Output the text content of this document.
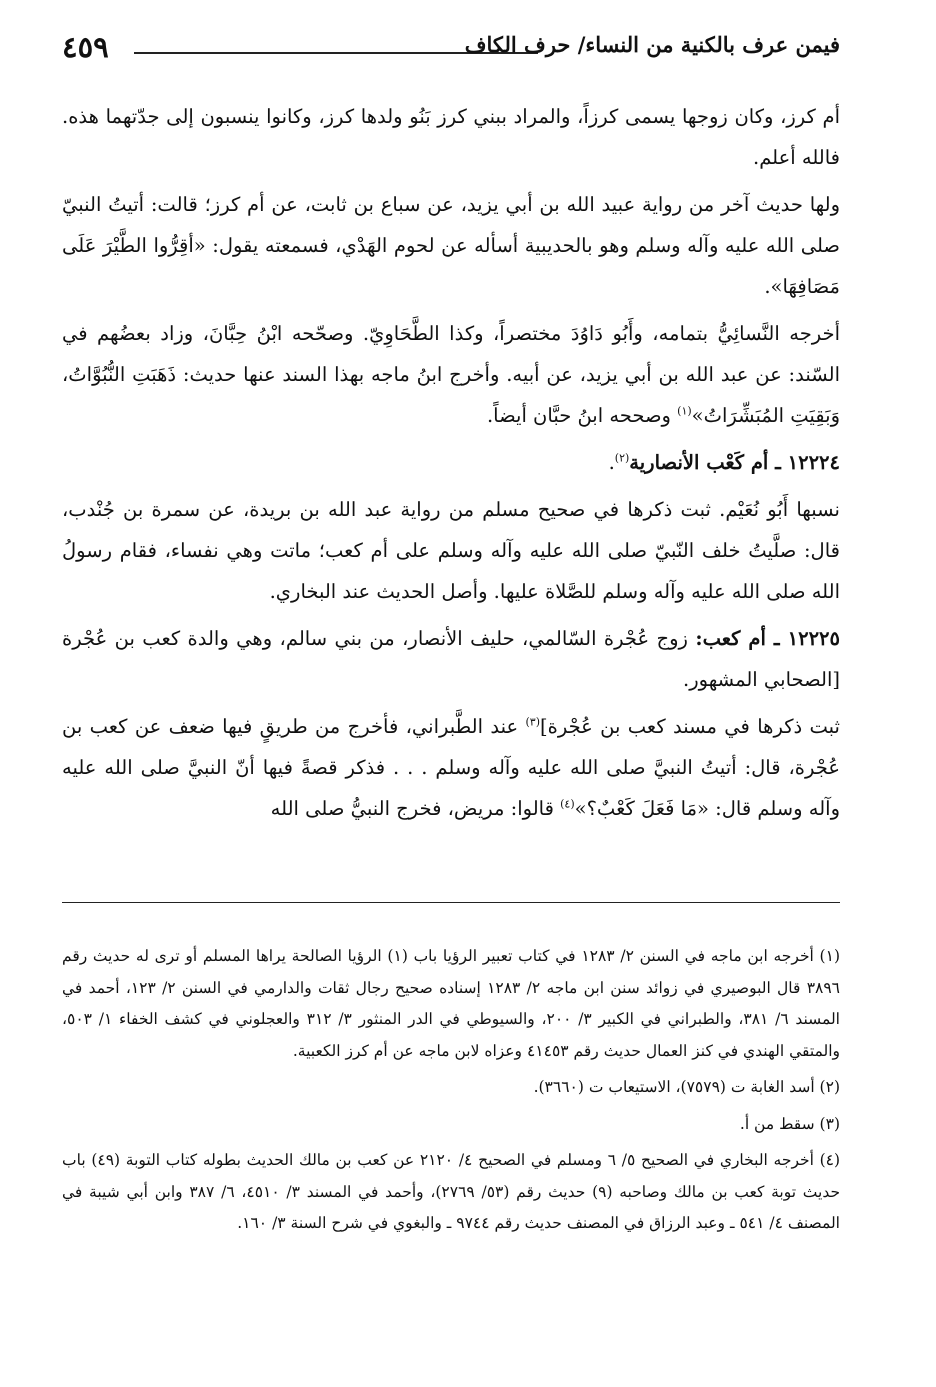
٤٥٩	فيمن عرف بالكنية من النساء/ حرف الكاف

أم كرز، وكان زوجها يسمى كرزاً، والمراد ببني كرز بَنُو ولدها كرز، وكانوا ينسبون إلى جدّتهما هذه. فالله أعلم.

ولها حديث آخر من رواية عبيد الله بن أبي يزيد، عن سباع بن ثابت، عن أم كرز؛ قالت: أتيتُ النبيّ صلى الله عليه وآله وسلم وهو بالحديبية أسأله عن لحوم الهَدْي، فسمعته يقول: «أقِرُّوا الطَّيْرَ عَلَى مَصَافِهَا».

أخرجه النَّسائِيُّ بتمامه، وأَبُو دَاوُدَ مختصراً، وكذا الطَّحَاوِيّ. وصحّحه ابْنُ حِبَّانَ، وزاد بعضُهم في السّند: عن عبد الله بن أبي يزيد، عن أبيه. وأخرج ابنُ ماجه بهذا السند عنها حديث: ذَهَبَتِ النُّبُوَّاتُ، وَبَقِيَتِ المُبَشِّرَاتُ»$^{(١)}$ وصححه ابنُ حبَّان أيضاً.

١٢٢٢٤ ـ أم كَعْب الأنصارية$^{(٢)}$.

نسبها أَبُو نُعَيْم. ثبت ذكرها في صحيح مسلم من رواية عبد الله بن بريدة، عن سمرة بن جُنْدب، قال: صلَّيتُ خلف النّبيّ صلى الله عليه وآله وسلم على أم كعب؛ ماتت وهي نفساء، فقام رسولُ الله صلى الله عليه وآله وسلم للصَّلاة عليها. وأصل الحديث عند البخاري.

١٢٢٢٥ ـ أم كعب: زوج عُجْرة السّالمي، حليف الأنصار، من بني سالم، وهي والدة كعب بن عُجْرة [الصحابي المشهور.

ثبت ذكرها في مسند كعب بن عُجْرة]$^{(٣)}$ عند الطَّبراني، فأخرج من طريقٍ فيها ضعف عن كعب بن عُجْرة، قال: أتيتُ النبيَّ صلى الله عليه وآله وسلم . . . فذكر قصةً فيها أنّ النبيَّ صلى الله عليه وآله وسلم قال: «مَا فَعَلَ كَعْبٌ؟»$^{(٤)}$ قالوا: مريض، فخرج النبيُّ صلى الله

(١) أخرجه ابن ماجه في السنن ٢/ ١٢٨٣ في كتاب تعبير الرؤيا باب (١) الرؤيا الصالحة يراها المسلم أو ترى له حديث رقم ٣٨٩٦ قال البوصيري في زوائد سنن ابن ماجه ٢/ ١٢٨٣ إسناده صحيح رجال ثقات والدارمي في السنن ٢/ ١٢٣، أحمد في المسند ٦/ ٣٨١، والطبراني في الكبير ٣/ ٢٠٠، والسيوطي في الدر المنثور ٣/ ٣١٢ والعجلوني في كشف الخفاء ١/ ٥٠٣، والمتقي الهندي في كنز العمال حديث رقم ٤١٤٥٣ وعزاه لابن ماجه عن أم كرز الكعبية.

(٢) أسد الغابة ت (٧٥٧٩)، الاستيعاب ت (٣٦٦٠).

(٣) سقط من أ.

(٤) أخرجه البخاري في الصحيح ٥/ ٦ ومسلم في الصحيح ٤/ ٢١٢٠ عن كعب بن مالك الحديث بطوله كتاب التوبة (٤٩) باب حديث توبة كعب بن مالك وصاحبه (٩) حديث رقم (٥٣/ ٢٧٦٩)، وأحمد في المسند ٣/ ٤٥١٠، ٦/ ٣٨٧ وابن أبي شيبة في المصنف ٤/ ٥٤١ ـ وعبد الرزاق في المصنف حديث رقم ٩٧٤٤ ـ والبغوي في شرح السنة ٣/ ١٦٠.
